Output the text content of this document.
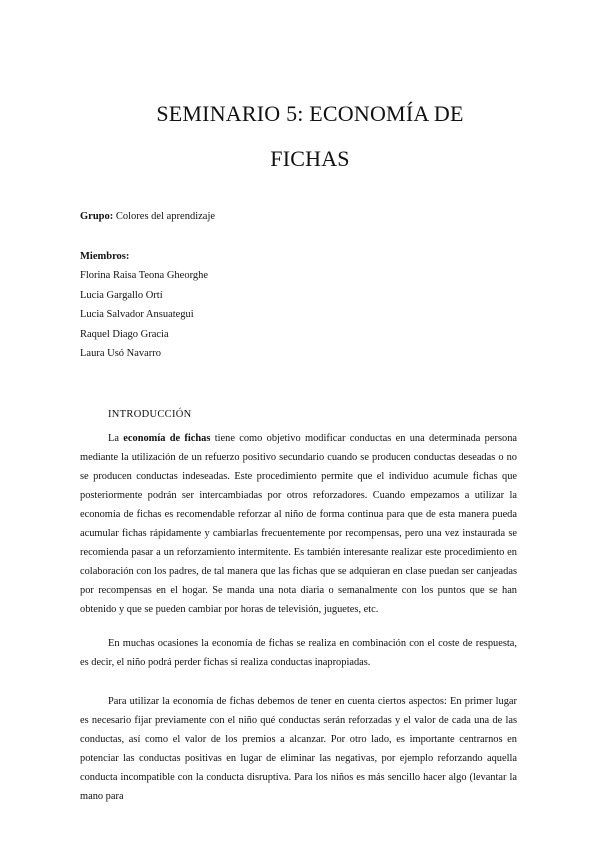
SEMINARIO 5: ECONOMÍA DE
FICHAS
Grupo: Colores del aprendizaje
Miembros:
Florina Raisa Teona Gheorghe
Lucia Gargallo Ortí
Lucia Salvador Ansuategui
Raquel Diago Gracia
Laura Usó Navarro
INTRODUCCIÓN

La economía de fichas tiene como objetivo modificar conductas en una determinada persona mediante la utilización de un refuerzo positivo secundario cuando se producen conductas deseadas o no se producen conductas indeseadas. Este procedimiento permite que el individuo acumule fichas que posteriormente podrán ser intercambiadas por otros reforzadores. Cuando empezamos a utilizar la economía de fichas es recomendable reforzar al niño de forma continua para que de esta manera pueda acumular fichas rápidamente y cambiarlas frecuentemente por recompensas, pero una vez instaurada se recomienda pasar a un reforzamiento intermitente. Es también interesante realizar este procedimiento en colaboración con los padres, de tal manera que las fichas que se adquieran en clase puedan ser canjeadas por recompensas en el hogar. Se manda una nota diaria o semanalmente con los puntos que se han obtenido y que se pueden cambiar por horas de televisión, juguetes, etc.

En muchas ocasiones la economía de fichas se realiza en combinación con el coste de respuesta, es decir, el niño podrá perder fichas si realiza conductas inapropiadas.

Para utilizar la economía de fichas debemos de tener en cuenta ciertos aspectos: En primer lugar es necesario fijar previamente con el niño qué conductas serán reforzadas y el valor de cada una de las conductas, así como el valor de los premios a alcanzar. Por otro lado, es importante centrarnos en potenciar las conductas positivas en lugar de eliminar las negativas, por ejemplo reforzando aquella conducta incompatible con la conducta disruptiva. Para los niños es más sencillo hacer algo (levantar la mano para
